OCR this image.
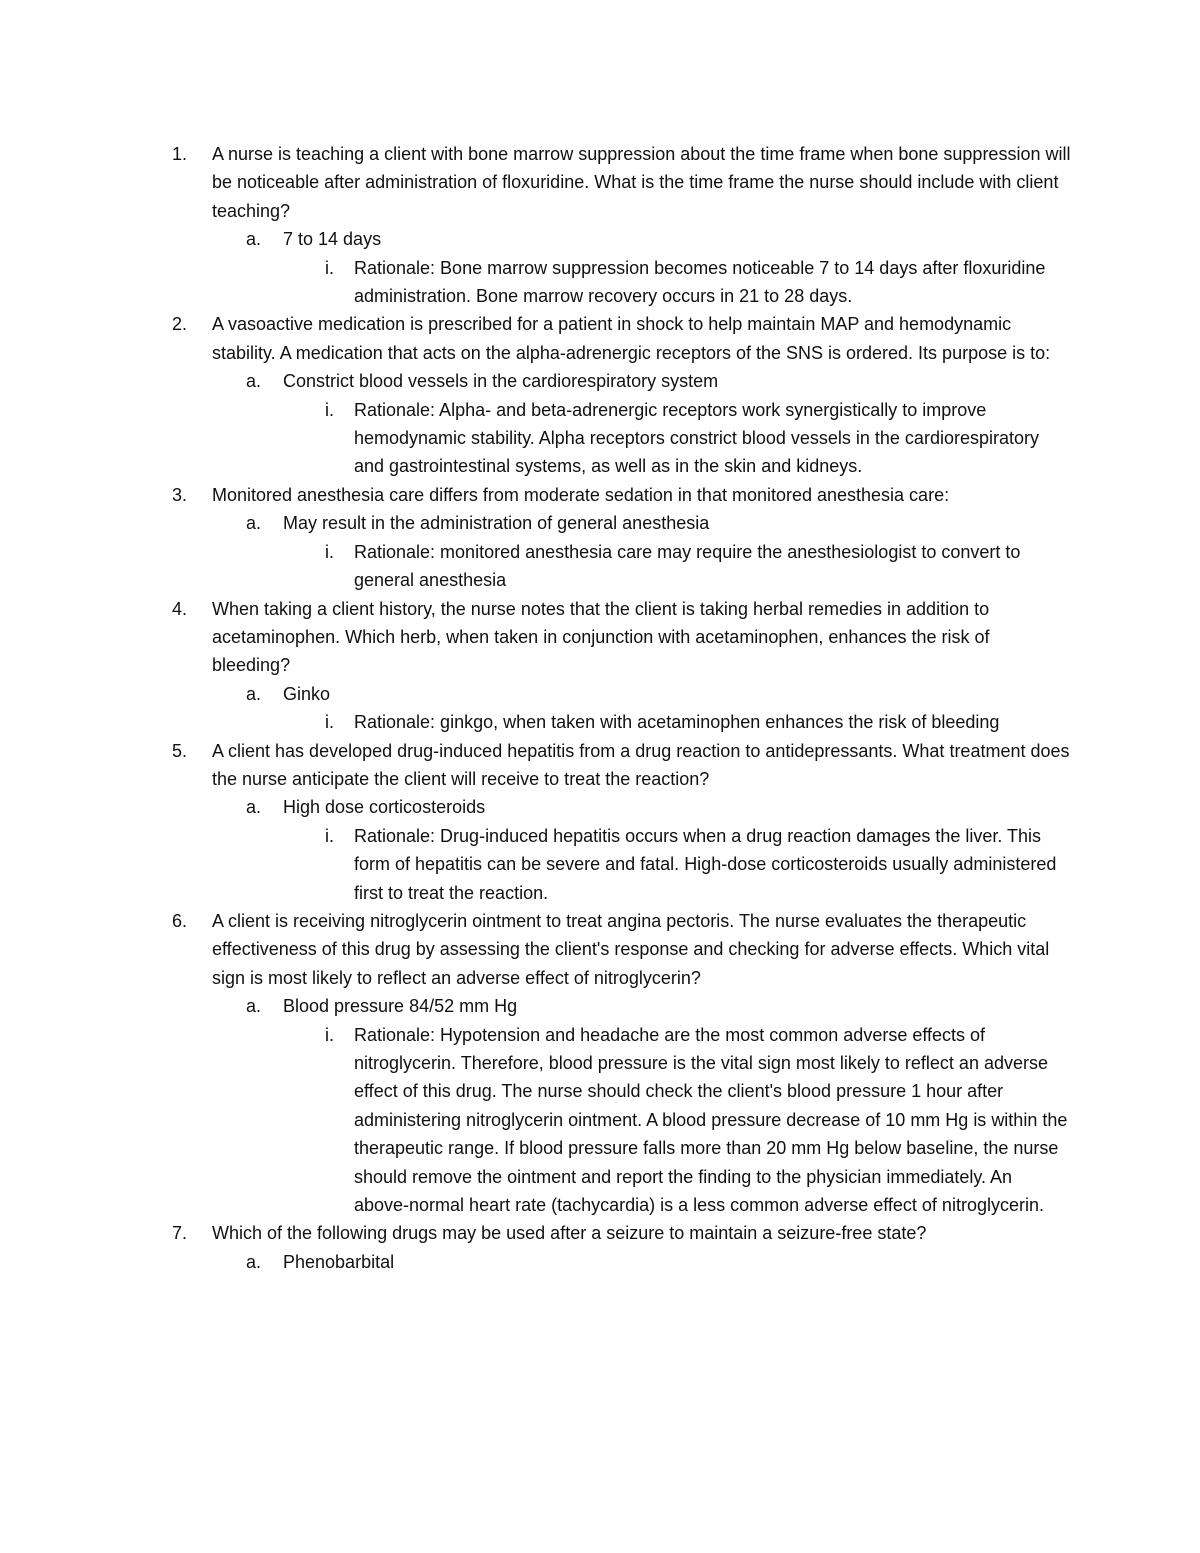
1. A nurse is teaching a client with bone marrow suppression about the time frame when bone suppression will be noticeable after administration of floxuridine. What is the time frame the nurse should include with client teaching?

a. 7 to 14 days

i. Rationale: Bone marrow suppression becomes noticeable 7 to 14 days after floxuridine administration. Bone marrow recovery occurs in 21 to 28 days.

2. A vasoactive medication is prescribed for a patient in shock to help maintain MAP and hemodynamic stability. A medication that acts on the alpha-adrenergic receptors of the SNS is ordered. Its purpose is to:

a. Constrict blood vessels in the cardiorespiratory system

i. Rationale: Alpha- and beta-adrenergic receptors work synergistically to improve hemodynamic stability. Alpha receptors constrict blood vessels in the cardiorespiratory and gastrointestinal systems, as well as in the skin and kidneys.

3. Monitored anesthesia care differs from moderate sedation in that monitored anesthesia care:

a. May result in the administration of general anesthesia

i. Rationale: monitored anesthesia care may require the anesthesiologist to convert to general anesthesia

4. When taking a client history, the nurse notes that the client is taking herbal remedies in addition to acetaminophen. Which herb, when taken in conjunction with acetaminophen, enhances the risk of bleeding?

a. Ginko

i. Rationale: ginkgo, when taken with acetaminophen enhances the risk of bleeding

5. A client has developed drug-induced hepatitis from a drug reaction to antidepressants. What treatment does the nurse anticipate the client will receive to treat the reaction?

a. High dose corticosteroids

i. Rationale: Drug-induced hepatitis occurs when a drug reaction damages the liver. This form of hepatitis can be severe and fatal. High-dose corticosteroids usually administered first to treat the reaction.

6. A client is receiving nitroglycerin ointment to treat angina pectoris. The nurse evaluates the therapeutic effectiveness of this drug by assessing the client's response and checking for adverse effects. Which vital sign is most likely to reflect an adverse effect of nitroglycerin?

a. Blood pressure 84/52 mm Hg

i. Rationale: Hypotension and headache are the most common adverse effects of nitroglycerin. Therefore, blood pressure is the vital sign most likely to reflect an adverse effect of this drug. The nurse should check the client's blood pressure 1 hour after administering nitroglycerin ointment. A blood pressure decrease of 10 mm Hg is within the therapeutic range. If blood pressure falls more than 20 mm Hg below baseline, the nurse should remove the ointment and report the finding to the physician immediately. An above-normal heart rate (tachycardia) is a less common adverse effect of nitroglycerin.

7. Which of the following drugs may be used after a seizure to maintain a seizure-free state?

a. Phenobarbital
